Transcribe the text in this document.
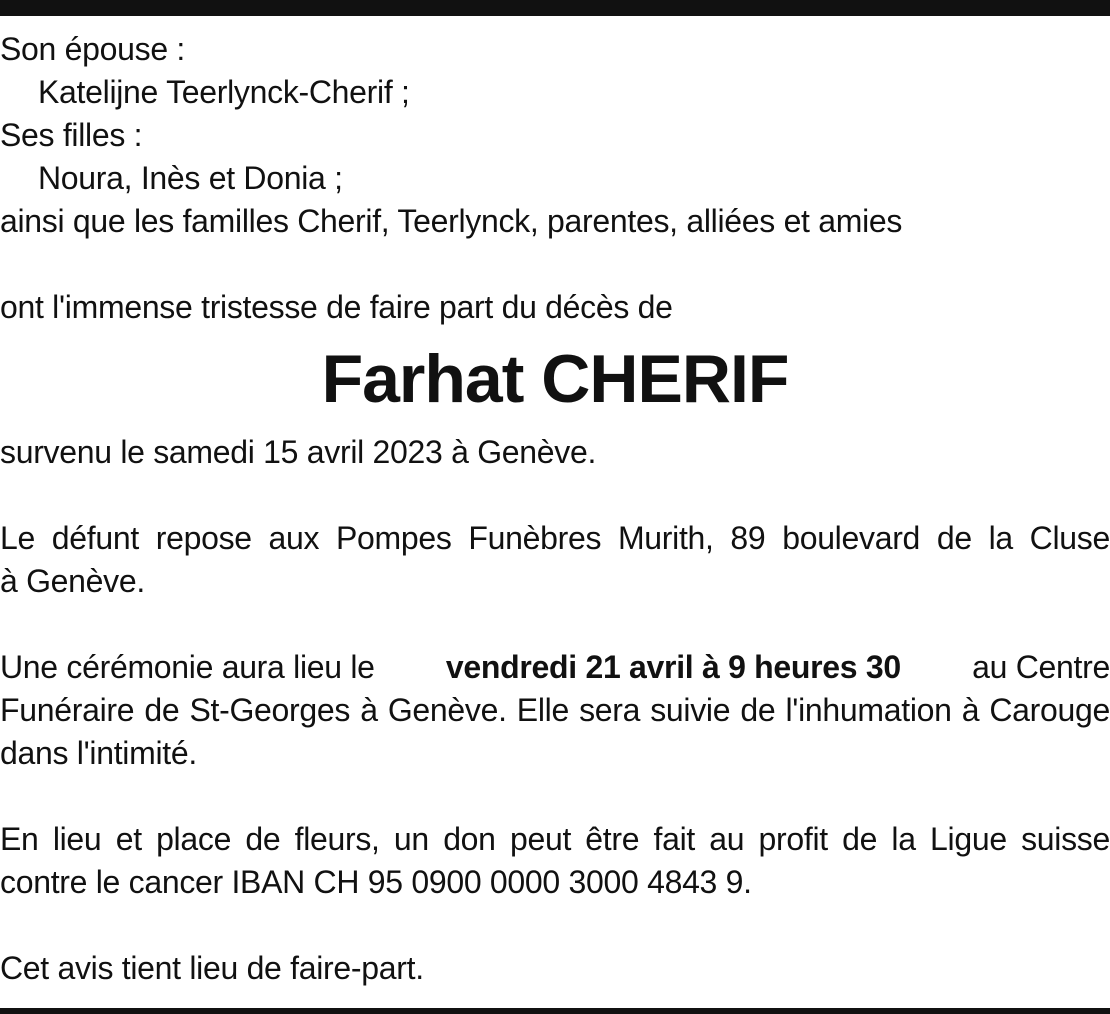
Son épouse :
Katelijne Teerlynck-Cherif ;
Ses filles :
Noura, Inès et Donia ;
ainsi que les familles Cherif, Teerlynck, parentes, alliées et amies
ont l'immense tristesse de faire part du décès de
Farhat CHERIF
survenu le samedi 15 avril 2023 à Genève.
Le défunt repose aux Pompes Funèbres Murith, 89 boulevard de la Cluse
à Genève.
Une cérémonie aura lieu le vendredi 21 avril à 9 heures 30 au Centre
Funéraire de St-Georges à Genève. Elle sera suivie de l'inhumation à Carouge
dans l'intimité.
En lieu et place de fleurs, un don peut être fait au profit de la Ligue suisse
contre le cancer IBAN CH 95 0900 0000 3000 4843 9.
Cet avis tient lieu de faire-part.
